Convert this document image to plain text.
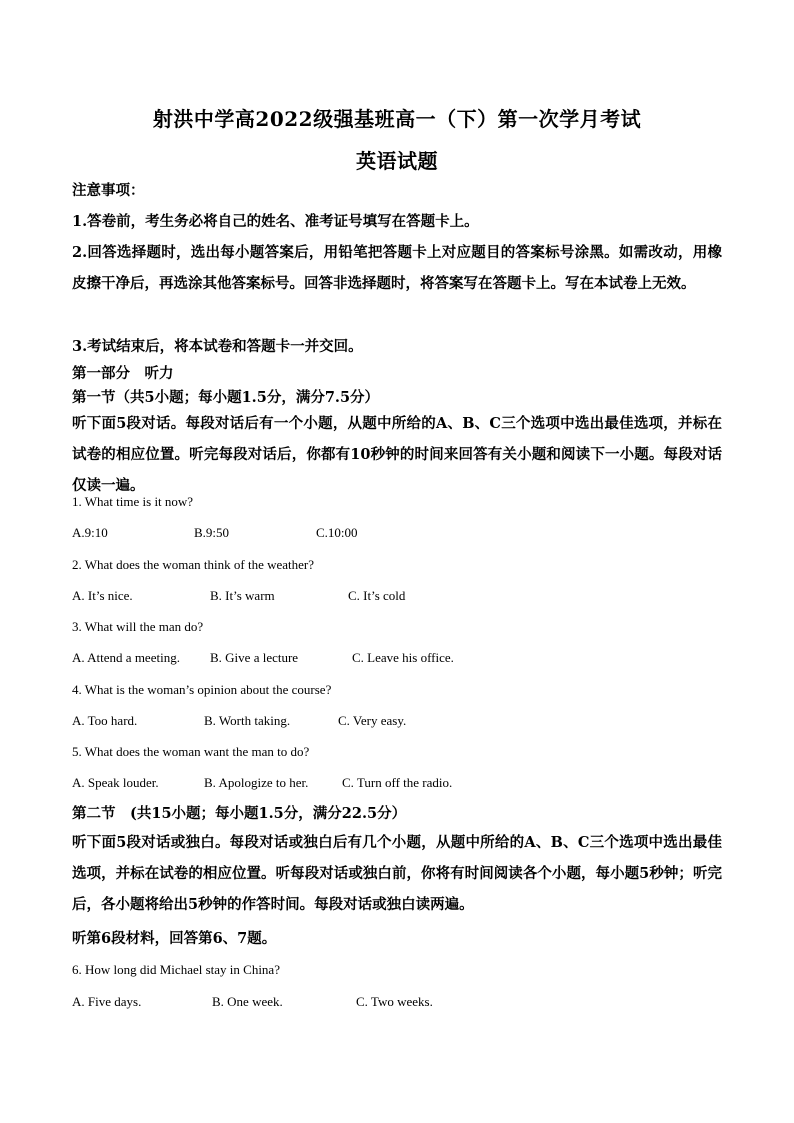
射洪中学高2022级强基班高一（下）第一次学月考试
英语试题
注意事项：
1.答卷前，考生务必将自己的姓名、准考证号填写在答题卡上。
2.回答选择题时，选出每小题答案后，用铅笔把答题卡上对应题目的答案标号涂黑。如需改动，用橡皮擦干净后，再选涂其他答案标号。回答非选择题时，将答案写在答题卡上。写在本试卷上无效。
3.考试结束后，将本试卷和答题卡一并交回。
第一部分　听力
第一节（共5小题；每小题1.5分，满分7.5分）
听下面5段对话。每段对话后有一个小题，从题中所给的A、B、C三个选项中选出最佳选项，并标在试卷的相应位置。听完每段对话后，你都有10秒钟的时间来回答有关小题和阅读下一小题。每段对话仅读一遍。
1. What time is it now?
A.9:10	B.9:50	C.10:00
2. What does the woman think of the weather?
A. It’s nice.	B. It’s warm	C. It’s cold
3. What will the man do?
A. Attend a meeting. B. Give a lecture	C. Leave his office.
4. What is the woman’s opinion about the course?
A. Too hard.	B. Worth taking.	C. Very easy.
5. What does the woman want the man to do?
A. Speak louder.	B. Apologize to her.	C. Turn off the radio.
第二节　(共15小题；每小题1.5分，满分22.5分）
听下面5段对话或独白。每段对话或独白后有几个小题，从题中所给的A、B、C三个选项中选出最佳选项，并标在试卷的相应位置。听每段对话或独白前，你将有时间阅读各个小题，每小题5秒钟；听完后，各小题将给出5秒钟的作答时间。每段对话或独白读两遍。
听第6段材料，回答第6、7题。
6. How long did Michael stay in China?
A. Five days.	B. One week.	C. Two weeks.
